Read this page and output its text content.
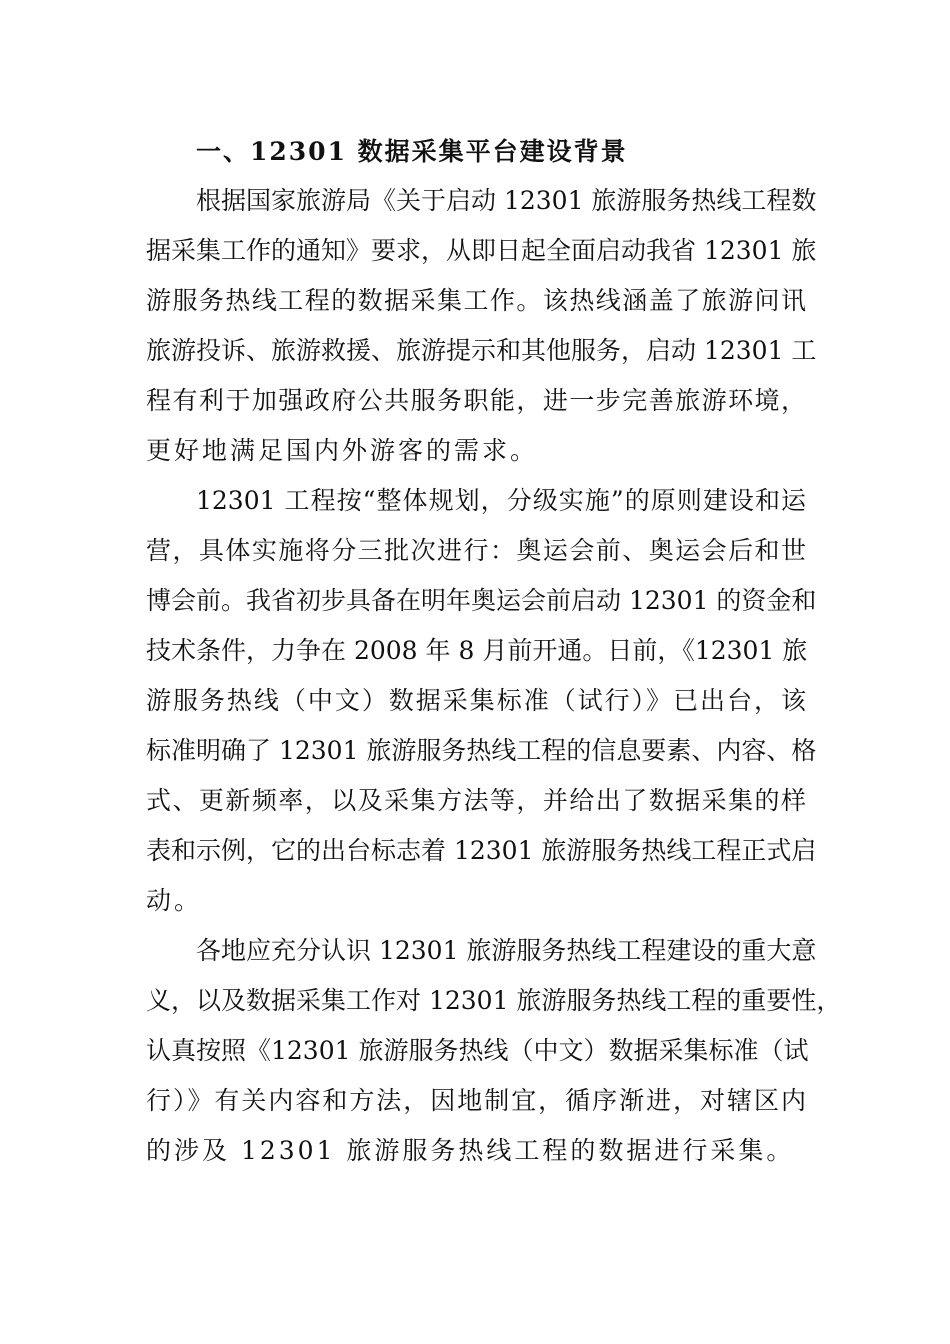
一、12301 数据采集平台建设背景
根据国家旅游局《关于启动 12301 旅游服务热线工程数
据采集工作的通知》要求，从即日起全面启动我省 12301 旅
游服务热线工程的数据采集工作。该热线涵盖了旅游问讯
旅游投诉、旅游救援、旅游提示和其他服务，启动 12301 工
程有利于加强政府公共服务职能，进一步完善旅游环境，
更好地满足国内外游客的需求。
12301 工程按“整体规划，分级实施”的原则建设和运
营，具体实施将分三批次进行：奥运会前、奥运会后和世
博会前。我省初步具备在明年奥运会前启动 12301 的资金和
技术条件，力争在 2008 年 8 月前开通。日前，《12301 旅
游服务热线（中文）数据采集标准（试行）》已出台，该
标准明确了 12301 旅游服务热线工程的信息要素、内容、格
式、更新频率，以及采集方法等，并给出了数据采集的样
表和示例，它的出台标志着 12301 旅游服务热线工程正式启
动。
各地应充分认识 12301 旅游服务热线工程建设的重大意
义，以及数据采集工作对 12301 旅游服务热线工程的重要性，
认真按照《12301 旅游服务热线（中文）数据采集标准（试
行）》有关内容和方法，因地制宜，循序渐进，对辖区内
的涉及 12301 旅游服务热线工程的数据进行采集。
